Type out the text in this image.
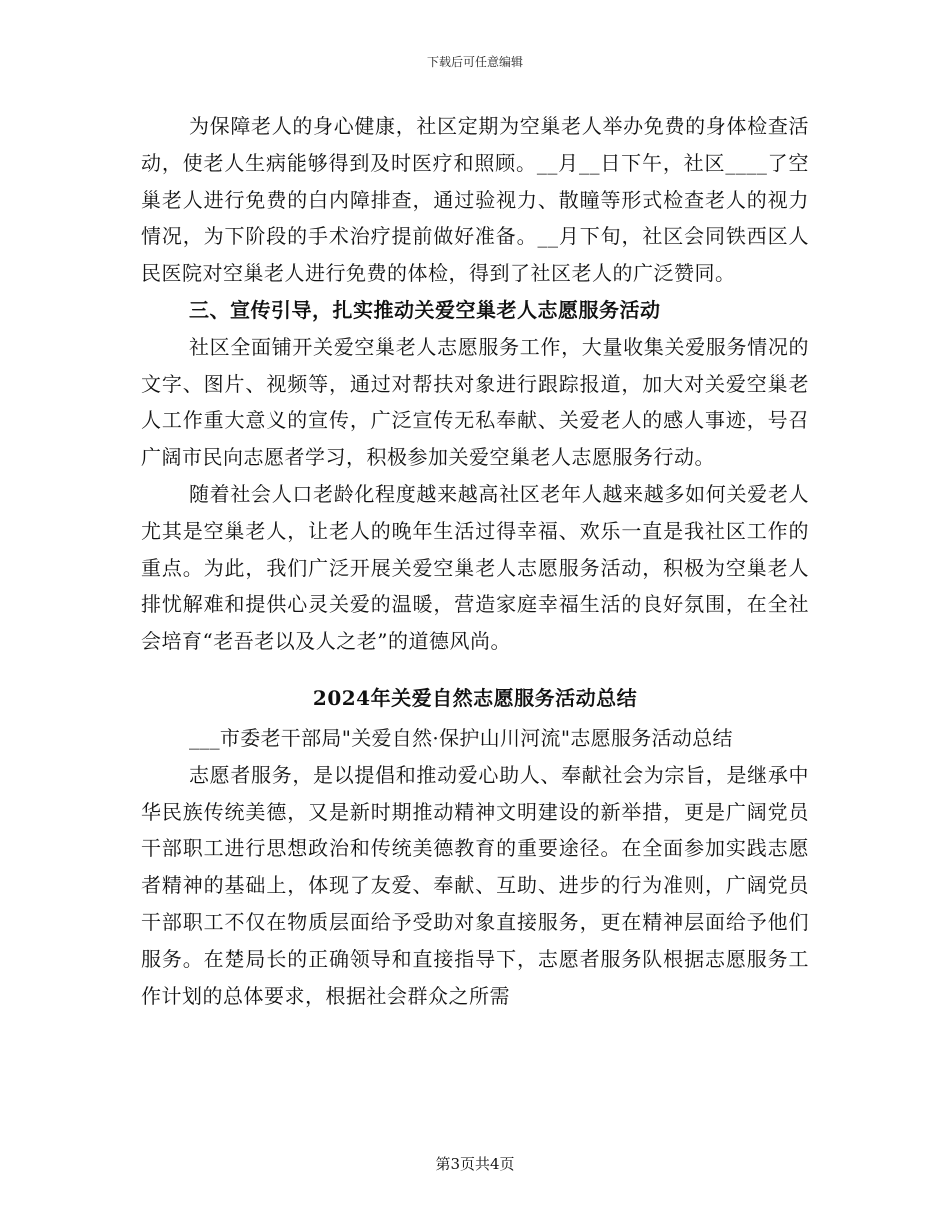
下载后可任意编辑

为保障老人的身心健康，社区定期为空巢老人举办免费的身体检查活动，使老人生病能够得到及时医疗和照顾。__月__日下午，社区____了空巢老人进行免费的白内障排查，通过验视力、散瞳等形式检查老人的视力情况，为下阶段的手术治疗提前做好准备。__月下旬，社区会同铁西区人民医院对空巢老人进行免费的体检，得到了社区老人的广泛赞同。

三、宣传引导，扎实推动关爱空巢老人志愿服务活动

社区全面铺开关爱空巢老人志愿服务工作，大量收集关爱服务情况的文字、图片、视频等，通过对帮扶对象进行跟踪报道，加大对关爱空巢老人工作重大意义的宣传，广泛宣传无私奉献、关爱老人的感人事迹，号召广阔市民向志愿者学习，积极参加关爱空巢老人志愿服务行动。

随着社会人口老龄化程度越来越高社区老年人越来越多如何关爱老人尤其是空巢老人，让老人的晚年生活过得幸福、欢乐一直是我社区工作的重点。为此，我们广泛开展关爱空巢老人志愿服务活动，积极为空巢老人排忧解难和提供心灵关爱的温暖，营造家庭幸福生活的良好氛围，在全社会培育“老吾老以及人之老”的道德风尚。

2024年关爱自然志愿服务活动总结

___市委老干部局"关爱自然·保护山川河流"志愿服务活动总结

志愿者服务，是以提倡和推动爱心助人、奉献社会为宗旨，是继承中华民族传统美德，又是新时期推动精神文明建设的新举措，更是广阔党员干部职工进行思想政治和传统美德教育的重要途径。在全面参加实践志愿者精神的基础上，体现了友爱、奉献、互助、进步的行为准则，广阔党员干部职工不仅在物质层面给予受助对象直接服务，更在精神层面给予他们服务。在楚局长的正确领导和直接指导下，志愿者服务队根据志愿服务工作计划的总体要求，根据社会群众之所需

第3页共4页
